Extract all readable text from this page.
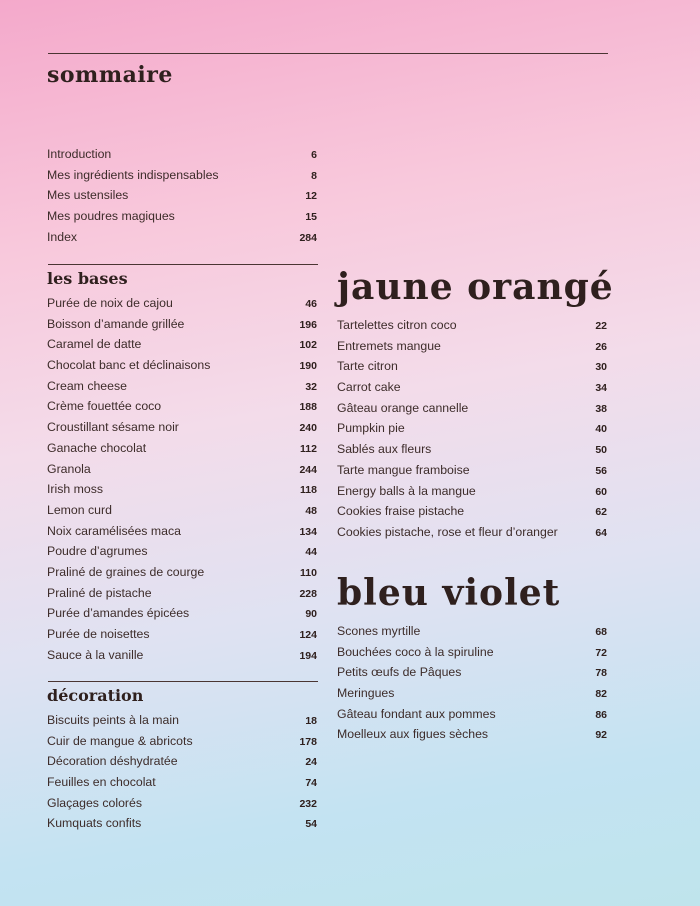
sommaire
Introduction	6
Mes ingrédients indispensables	8
Mes ustensiles	12
Mes poudres magiques	15
Index	284
les bases
Purée de noix de cajou	46
Boisson d’amande grillée	196
Caramel de datte	102
Chocolat banc et déclinaisons	190
Cream cheese	32
Crème fouettée coco	188
Croustillant sésame noir	240
Ganache chocolat	112
Granola	244
Irish moss	118
Lemon curd	48
Noix caramélisées maca	134
Poudre d’agrumes	44
Praliné de graines de courge	110
Praliné de pistache	228
Purée d’amandes épicées	90
Purée de noisettes	124
Sauce à la vanille	194
décoration
Biscuits peints à la main	18
Cuir de mangue & abricots	178
Décoration déshydratée	24
Feuilles en chocolat	74
Glaçages colorés	232
Kumquats confits	54
jaune orangé
Tartelettes citron coco	22
Entremets mangue	26
Tarte citron	30
Carrot cake	34
Gâteau orange cannelle	38
Pumpkin pie	40
Sablés aux fleurs	50
Tarte mangue framboise	56
Energy balls à la mangue	60
Cookies fraise pistache	62
Cookies pistache, rose et fleur d’oranger	64
bleu violet
Scones myrtille	68
Bouchées coco à la spiruline	72
Petits œufs de Pâques	78
Meringues	82
Gâteau fondant aux pommes	86
Moelleux aux figues sèches	92
